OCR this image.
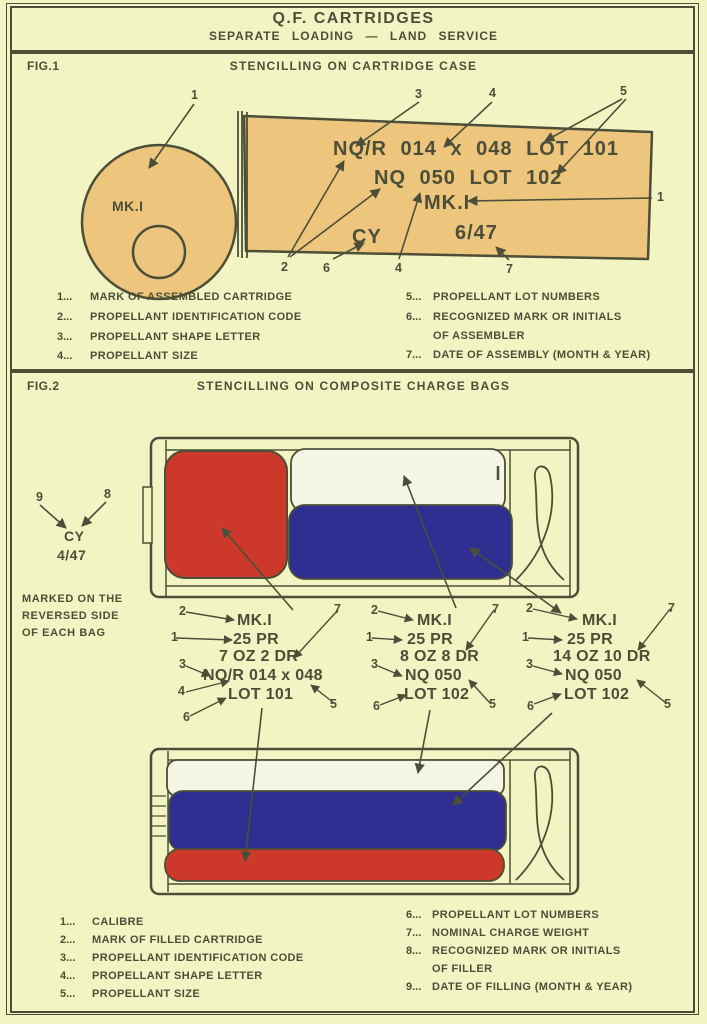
Q.F. CARTRIDGES
SEPARATE LOADING — LAND SERVICE
FIG.1	STENCILLING ON CARTRIDGE CASE
MK.I
NQ/R 014 x 048 LOT 101
NQ 050 LOT 102
MK.I
CY	6/47
1	3	4	5
2	6	4	7
1
1... MARK OF ASSEMBLED CARTRIDGE
2... PROPELLANT IDENTIFICATION CODE
3... PROPELLANT SHAPE LETTER
4... PROPELLANT SIZE
5... PROPELLANT LOT NUMBERS
6... RECOGNIZED MARK OR INITIALS
OF ASSEMBLER
7... DATE OF ASSEMBLY (MONTH & YEAR)
FIG.2	STENCILLING ON COMPOSITE CHARGE BAGS
9	8
CY
4/47
MARKED ON THE
REVERSED SIDE
OF EACH BAG
MK.I
25 PR
7 OZ 2 DR
NQ/R 014 x 048
LOT 101
2
1
3
4
6
7
5
MK.I
25 PR
8 OZ 8 DR
NQ 050
LOT 102
2
1
3
6
7
5
MK.I
25 PR
14 OZ 10 DR
NQ 050
LOT 102
2
1
3
6
7
5
1... CALIBRE
2... MARK OF FILLED CARTRIDGE
3... PROPELLANT IDENTIFICATION CODE
4... PROPELLANT SHAPE LETTER
5... PROPELLANT SIZE
6... PROPELLANT LOT NUMBERS
7... NOMINAL CHARGE WEIGHT
8... RECOGNIZED MARK OR INITIALS
OF FILLER
9... DATE OF FILLING (MONTH & YEAR)
